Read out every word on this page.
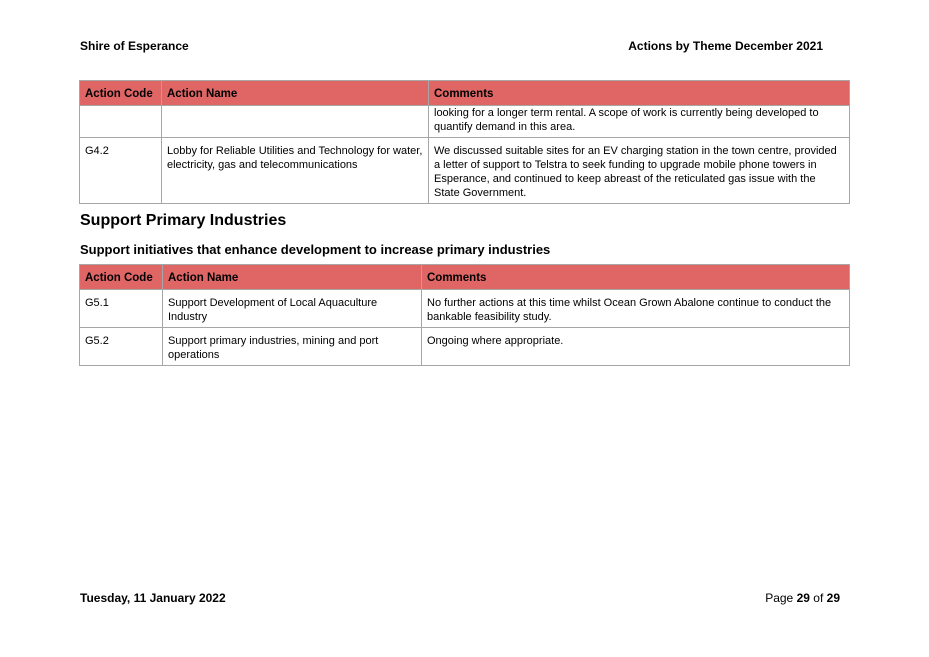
Shire of Esperance	Actions by Theme December 2021
Action Code	Action Name	Comments
		looking for a longer term rental. A scope of work is currently being developed to quantify demand in this area.
G4.2	Lobby for Reliable Utilities and Technology for water, electricity, gas and telecommunications	We discussed suitable sites for an EV charging station in the town centre, provided a letter of support to Telstra to seek funding to upgrade mobile phone towers in Esperance, and continued to keep abreast of the reticulated gas issue with the State Government.
Support Primary Industries
Support initiatives that enhance development to increase primary industries
Action Code	Action Name	Comments
G5.1	Support Development of Local Aquaculture Industry	No further actions at this time whilst Ocean Grown Abalone continue to conduct the bankable feasibility study.
G5.2	Support primary industries, mining and port operations	Ongoing where appropriate.
Tuesday, 11 January 2022	Page 29 of 29
